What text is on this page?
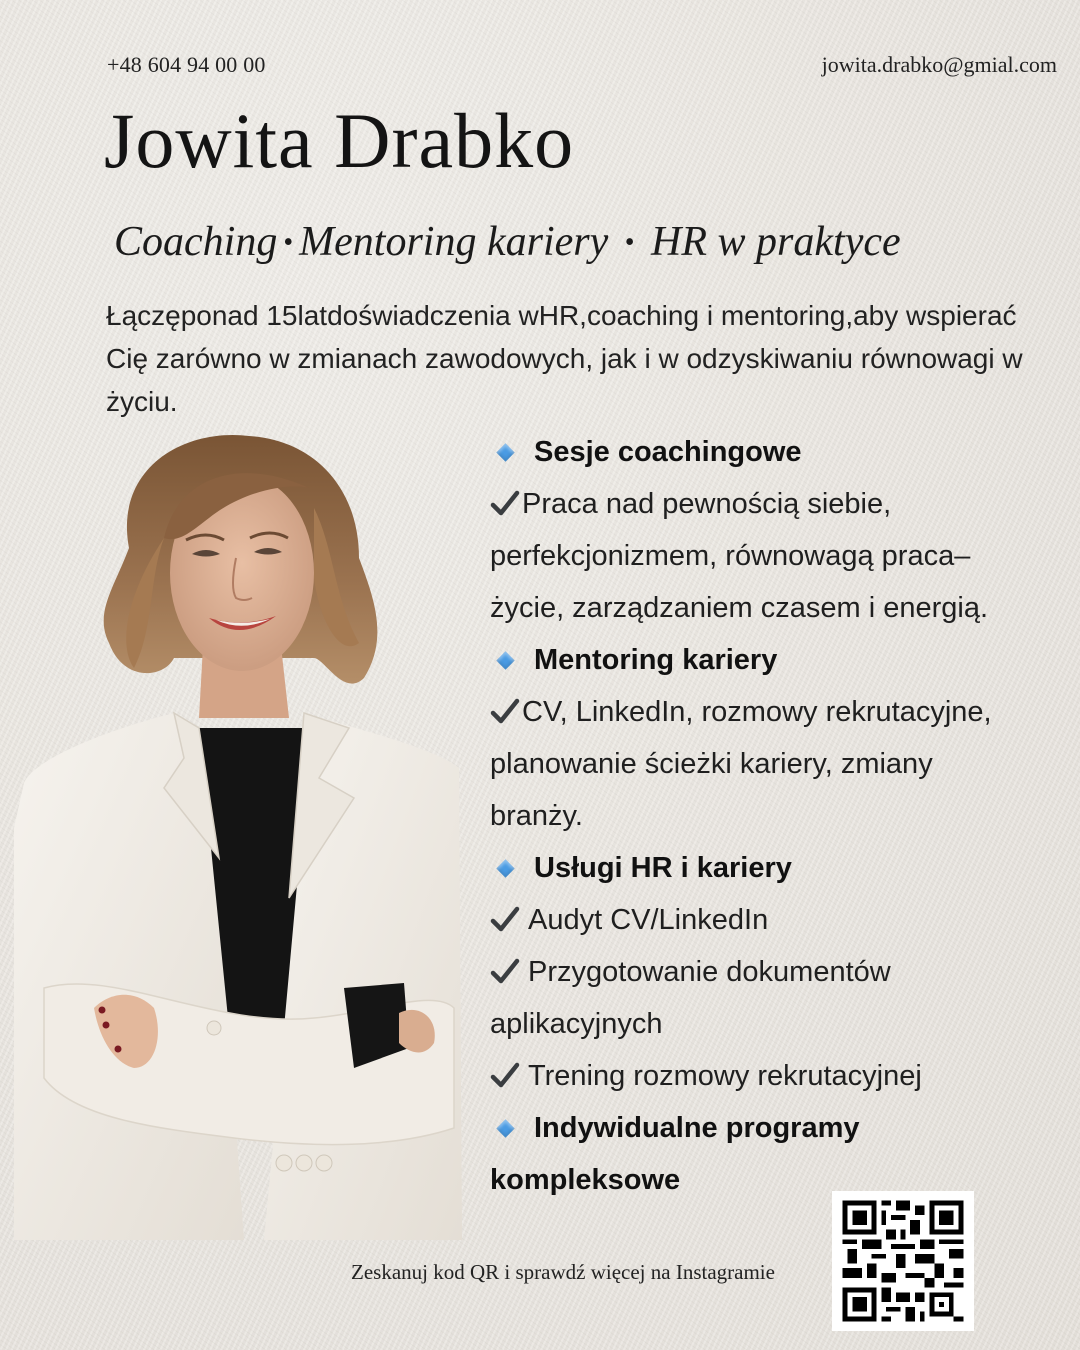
+48 604 94 00 00	jowita.drabko@gmial.com
Jowita Drabko
Coaching • Mentoring kariery • HR w praktyce
Łączęponad 15latdoświadczenia wHR,coaching i mentoring,aby wspierać Cię zarówno w zmianach zawodowych, jak i w odzyskiwaniu równowagi w życiu.
Sesje coachingowe
Praca nad pewnością siebie,
perfekcjonizmem, równowagą praca–
życie, zarządzaniem czasem i energią.
Mentoring kariery
CV, LinkedIn, rozmowy rekrutacyjne,
planowanie ścieżki kariery, zmiany
branży.
Usługi HR i kariery
Audyt CV/LinkedIn
Przygotowanie dokumentów
aplikacyjnych
Trening rozmowy rekrutacyjnej
Indywidualne programy
kompleksowe
Zeskanuj kod QR i sprawdź więcej na Instagramie
